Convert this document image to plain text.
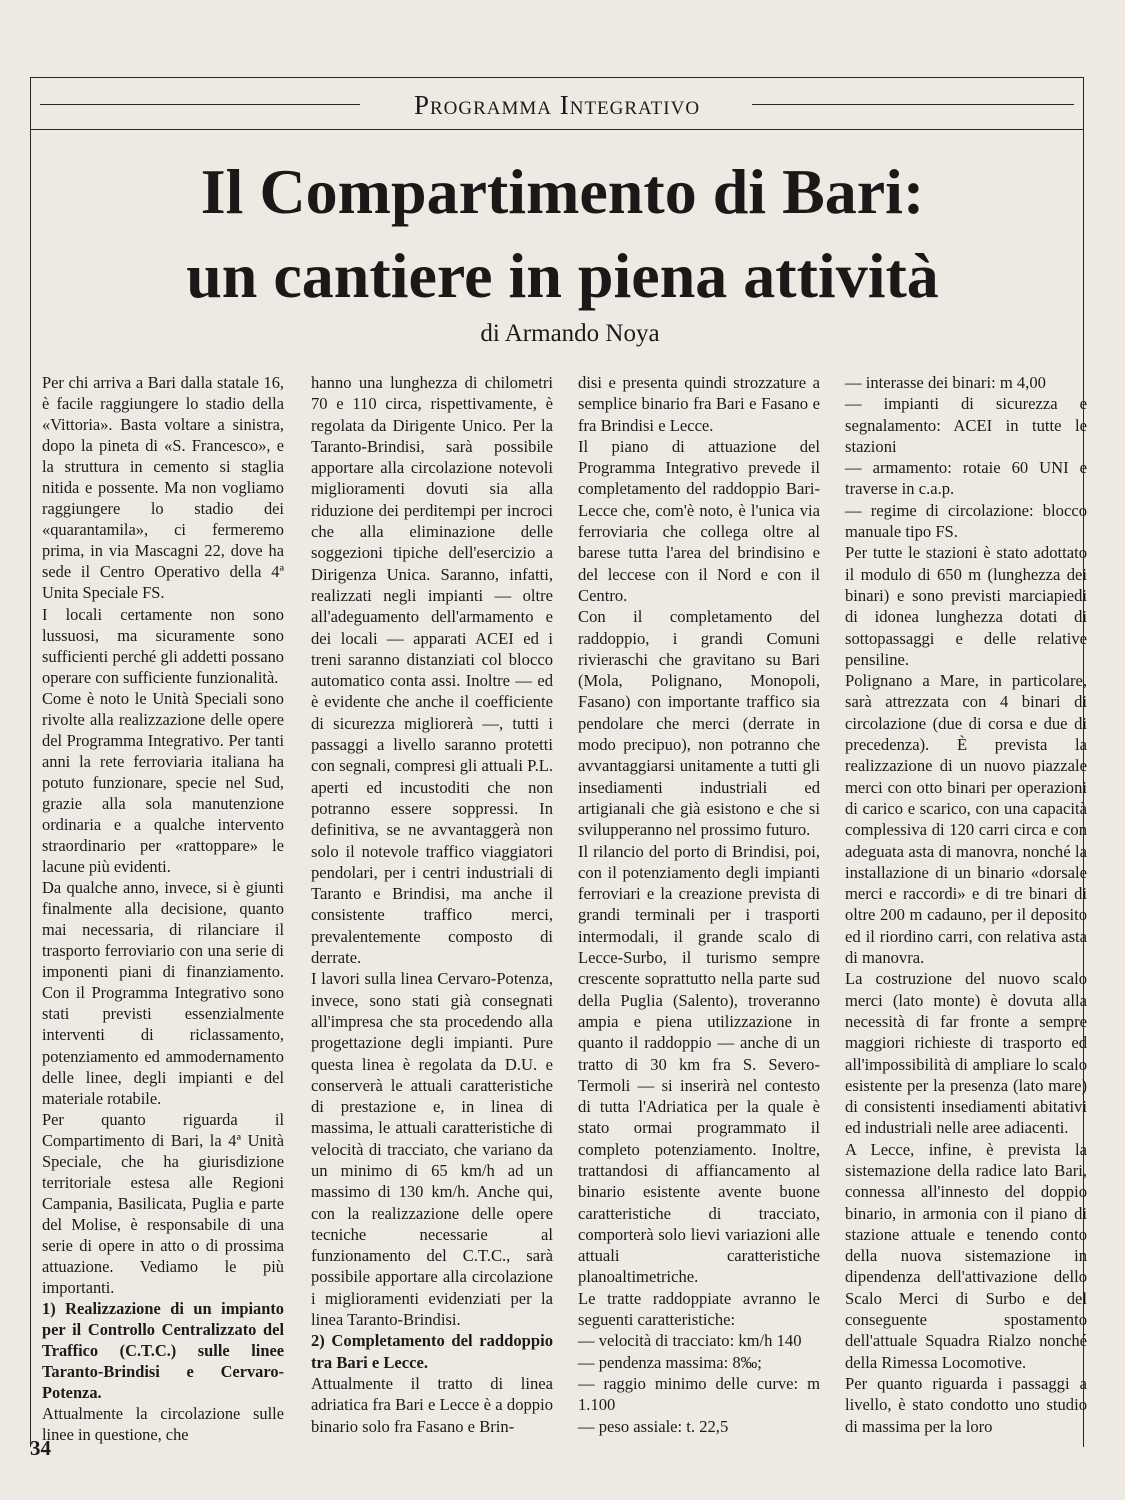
Programma Integrativo
Il Compartimento di Bari:
un cantiere in piena attività
di Armando Noya

Per chi arriva a Bari dalla statale 16, è facile raggiungere lo stadio della «Vittoria». Basta voltare a sinistra, dopo la pineta di «S. Francesco», e la struttura in cemento si staglia nitida e possente. Ma non vogliamo raggiungere lo stadio dei «quarantamila», ci fermeremo prima, in via Mascagni 22, dove ha sede il Centro Operativo della 4ª Unita Speciale FS.

I locali certamente non sono lussuosi, ma sicuramente sono sufficienti perché gli addetti possano operare con sufficiente funzionalità.

Come è noto le Unità Speciali sono rivolte alla realizzazione delle opere del Programma Integrativo. Per tanti anni la rete ferroviaria italiana ha potuto funzionare, specie nel Sud, grazie alla sola manutenzione ordinaria e a qualche intervento straordinario per «rattoppare» le lacune più evidenti.

Da qualche anno, invece, si è giunti finalmente alla decisione, quanto mai necessaria, di rilanciare il trasporto ferroviario con una serie di imponenti piani di finanziamento. Con il Programma Integrativo sono stati previsti essenzialmente interventi di riclassamento, potenziamento ed ammodernamento delle linee, degli impianti e del materiale rotabile.

Per quanto riguarda il Compartimento di Bari, la 4ª Unità Speciale, che ha giurisdizione territoriale estesa alle Regioni Campania, Basilicata, Puglia e parte del Molise, è responsabile di una serie di opere in atto o di prossima attuazione. Vediamo le più importanti.

1) Realizzazione di un impianto per il Controllo Centralizzato del Traffico (C.T.C.) sulle linee Taranto-Brindisi e Cervaro-Potenza.

Attualmente la circolazione sulle linee in questione, che

hanno una lunghezza di chilometri 70 e 110 circa, rispettivamente, è regolata da Dirigente Unico. Per la Taranto-Brindisi, sarà possibile apportare alla circolazione notevoli miglioramenti dovuti sia alla riduzione dei perditempi per incroci che alla eliminazione delle soggezioni tipiche dell'esercizio a Dirigenza Unica. Saranno, infatti, realizzati negli impianti — oltre all'adeguamento dell'armamento e dei locali — apparati ACEI ed i treni saranno distanziati col blocco automatico conta assi. Inoltre — ed è evidente che anche il coefficiente di sicurezza migliorerà —, tutti i passaggi a livello saranno protetti con segnali, compresi gli attuali P.L. aperti ed incustoditi che non potranno essere soppressi. In definitiva, se ne avvantaggerà non solo il notevole traffico viaggiatori pendolari, per i centri industriali di Taranto e Brindisi, ma anche il consistente traffico merci, prevalentemente composto di derrate.

I lavori sulla linea Cervaro-Potenza, invece, sono stati già consegnati all'impresa che sta procedendo alla progettazione degli impianti. Pure questa linea è regolata da D.U. e conserverà le attuali caratteristiche di prestazione e, in linea di massima, le attuali caratteristiche di velocità di tracciato, che variano da un minimo di 65 km/h ad un massimo di 130 km/h. Anche qui, con la realizzazione delle opere tecniche necessarie al funzionamento del C.T.C., sarà possibile apportare alla circolazione i miglioramenti evidenziati per la linea Taranto-Brindisi.

2) Completamento del raddoppio tra Bari e Lecce.

Attualmente il tratto di linea adriatica fra Bari e Lecce è a doppio binario solo fra Fasano e Brin-

disi e presenta quindi strozzature a semplice binario fra Bari e Fasano e fra Brindisi e Lecce.

Il piano di attuazione del Programma Integrativo prevede il completamento del raddoppio Bari-Lecce che, com'è noto, è l'unica via ferroviaria che collega oltre al barese tutta l'area del brindisino e del leccese con il Nord e con il Centro.

Con il completamento del raddoppio, i grandi Comuni rivieraschi che gravitano su Bari (Mola, Polignano, Monopoli, Fasano) con importante traffico sia pendolare che merci (derrate in modo precipuo), non potranno che avvantaggiarsi unitamente a tutti gli insediamenti industriali ed artigianali che già esistono e che si svilupperanno nel prossimo futuro.

Il rilancio del porto di Brindisi, poi, con il potenziamento degli impianti ferroviari e la creazione prevista di grandi terminali per i trasporti intermodali, il grande scalo di Lecce-Surbo, il turismo sempre crescente soprattutto nella parte sud della Puglia (Salento), troveranno ampia e piena utilizzazione in quanto il raddoppio — anche di un tratto di 30 km fra S. Severo-Termoli — si inserirà nel contesto di tutta l'Adriatica per la quale è stato ormai programmato il completo potenziamento. Inoltre, trattandosi di affiancamento al binario esistente avente buone caratteristiche di tracciato, comporterà solo lievi variazioni alle attuali caratteristiche planoaltimetriche.

Le tratte raddoppiate avranno le seguenti caratteristiche:

— velocità di tracciato: km/h 140

— pendenza massima: 8‰;

— raggio minimo delle curve: m 1.100

— peso assiale: t. 22,5

— interasse dei binari: m 4,00

— impianti di sicurezza e segnalamento: ACEI in tutte le stazioni

— armamento: rotaie 60 UNI e traverse in c.a.p.

— regime di circolazione: blocco manuale tipo FS.

Per tutte le stazioni è stato adottato il modulo di 650 m (lunghezza dei binari) e sono previsti marciapiedi di idonea lunghezza dotati di sottopassaggi e delle relative pensiline.

Polignano a Mare, in particolare, sarà attrezzata con 4 binari di circolazione (due di corsa e due di precedenza). È prevista la realizzazione di un nuovo piazzale merci con otto binari per operazioni di carico e scarico, con una capacità complessiva di 120 carri circa e con adeguata asta di manovra, nonché la installazione di un binario «dorsale merci e raccordi» e di tre binari di oltre 200 m cadauno, per il deposito ed il riordino carri, con relativa asta di manovra.

La costruzione del nuovo scalo merci (lato monte) è dovuta alla necessità di far fronte a sempre maggiori richieste di trasporto ed all'impossibilità di ampliare lo scalo esistente per la presenza (lato mare) di consistenti insediamenti abitativi ed industriali nelle aree adiacenti.

A Lecce, infine, è prevista la sistemazione della radice lato Bari, connessa all'innesto del doppio binario, in armonia con il piano di stazione attuale e tenendo conto della nuova sistemazione in dipendenza dell'attivazione dello Scalo Merci di Surbo e del conseguente spostamento dell'attuale Squadra Rialzo nonché della Rimessa Locomotive.

Per quanto riguarda i passaggi a livello, è stato condotto uno studio di massima per la loro

34
